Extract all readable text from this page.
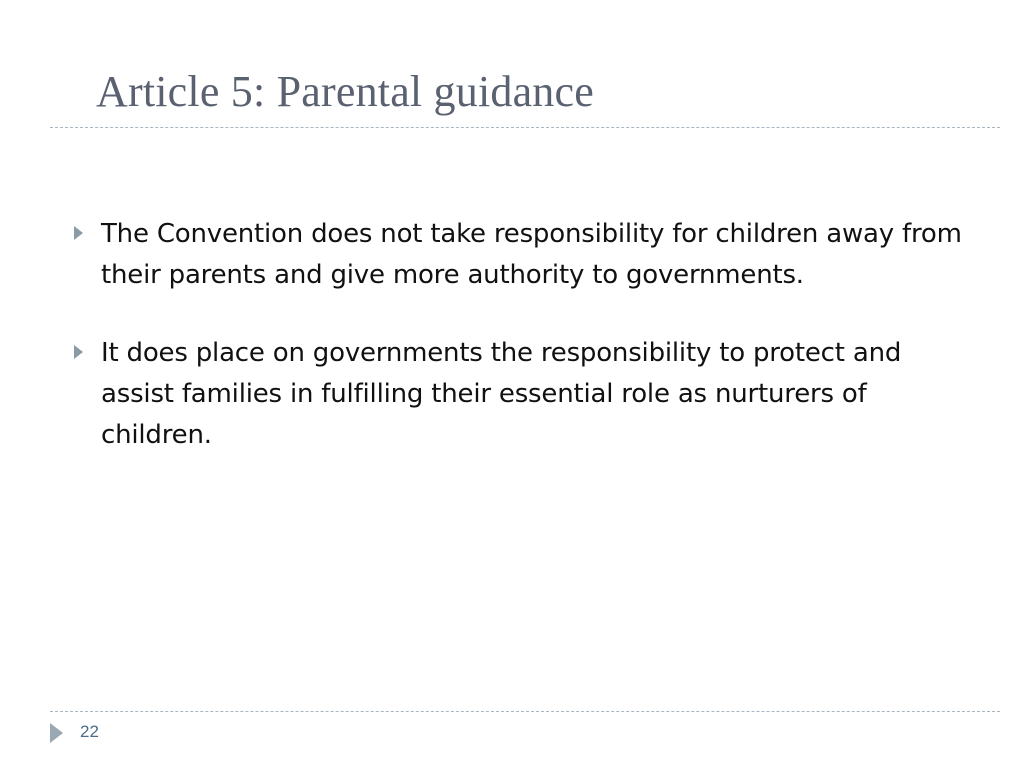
Article 5: Parental guidance
The Convention does not take responsibility for children away from their parents and give more authority to governments.
It does place on governments the responsibility to protect and assist families in fulfilling their essential role as nurturers of children.
22
